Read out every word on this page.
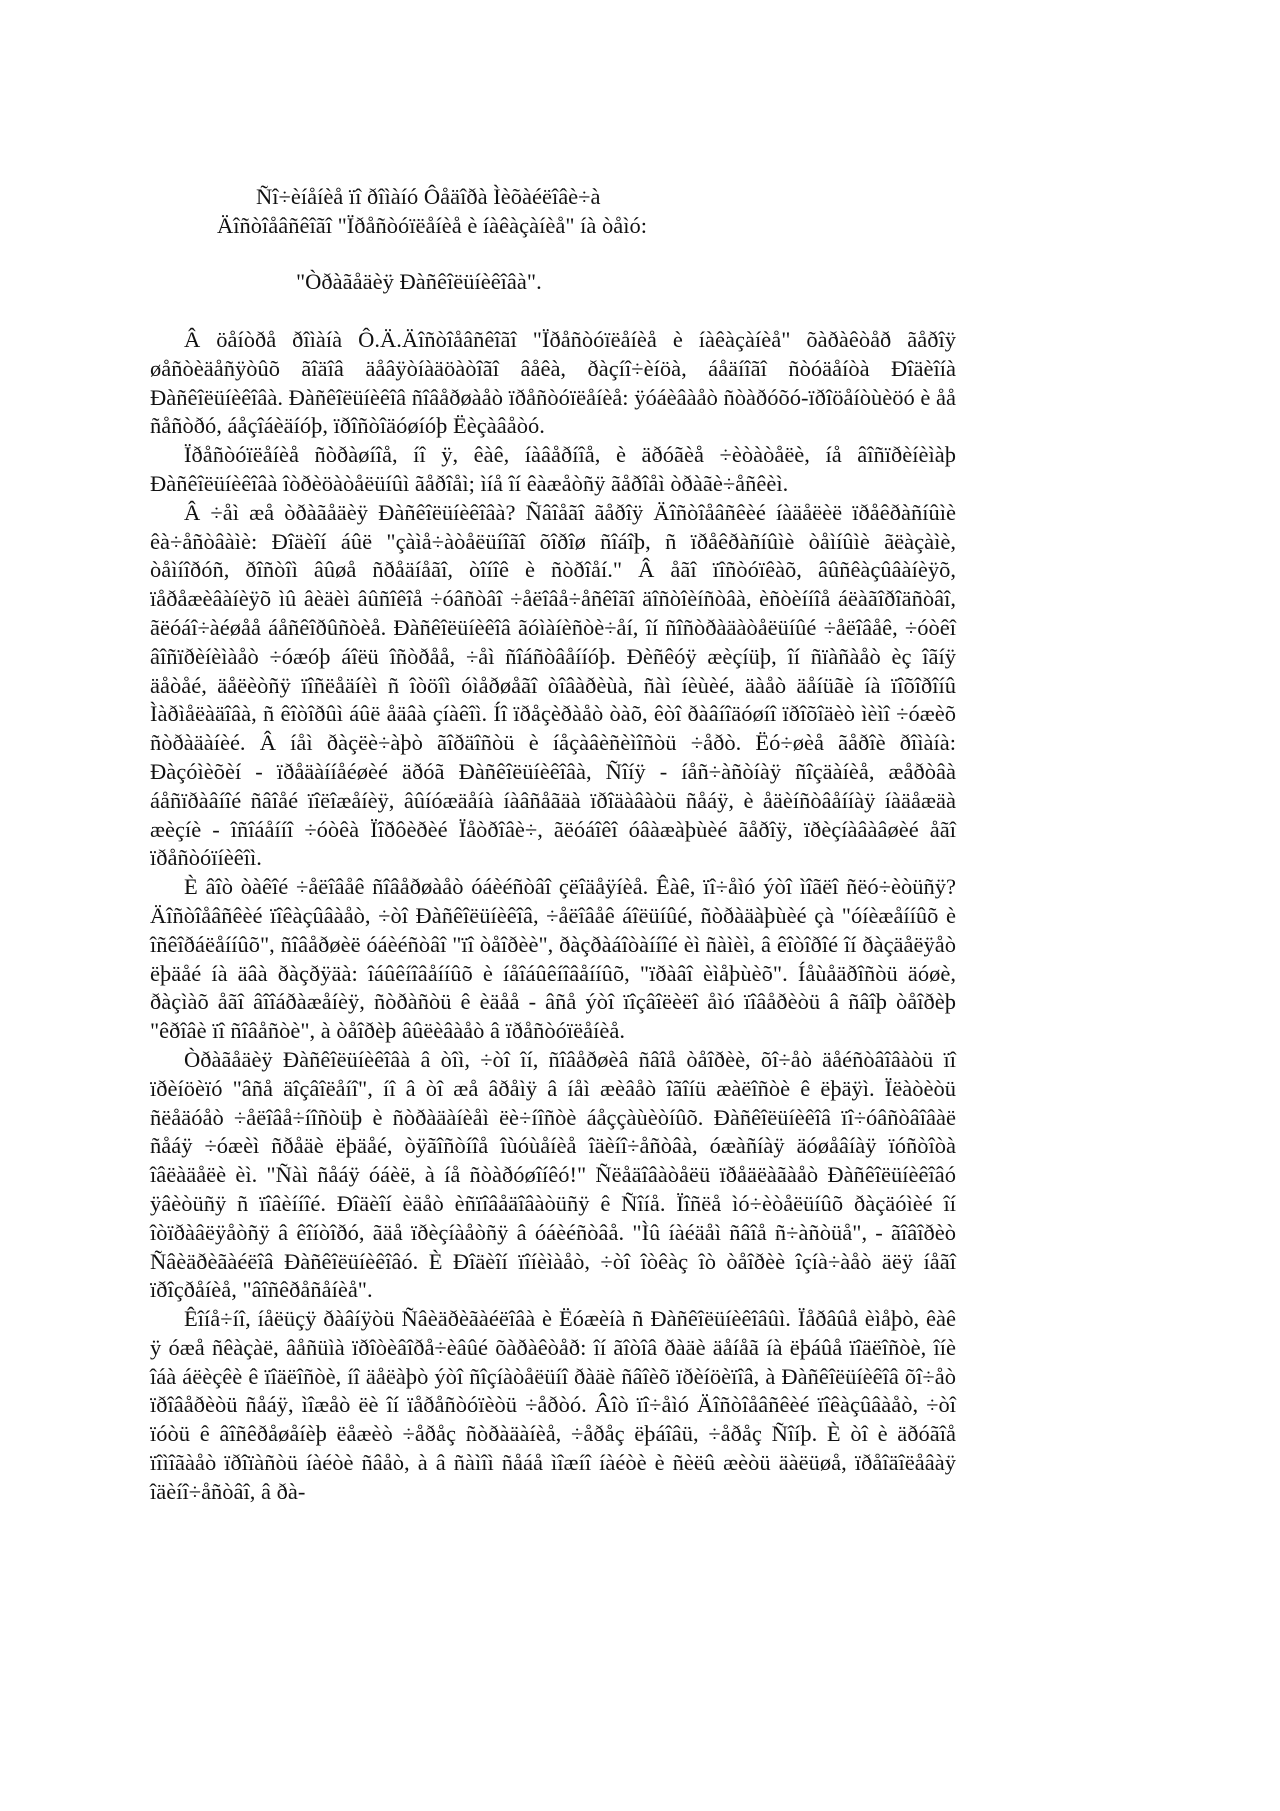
Ñî÷èíåíèå ïî ðîìàíó Ôåäîðà Ìèõàéëîâè÷à
Äîñòîåâñêîãî "Ïðåñòóïëåíèå è íàêàçàíèå" íà òåìó:
"Òðàãåäèÿ Ðàñêîëüíèêîâà".

Â öåíòðå ðîìàíà Ô.Ä.Äîñòîåâñêîãî "Ïðåñòóïëåíèå è íàêàçàíèå" õàðàêòåð ãåðîÿ øåñòèäåñÿòûõ ãîäîâ äåâÿòíàäöàòîãî âåêà, ðàçíî÷èíöà, áåäíîãî ñòóäåíòà Ðîäèîíà Ðàñêîëüíèêîâà. Ðàñêîëüíèêîâ ñîâåðøàåò ïðåñòóïëåíèå: ÿóáèâàåò ñòàðóõó-ïðîöåíòùèöó è åå ñåñòðó, áåçîáèäíóþ, ïðîñòîäóøíóþ Ëèçàâåòó.

Ïðåñòóïëåíèå ñòðàøíîå, íî ÿ, êàê, íàâåðíîå, è äðóãèå ÷èòàòåëè, íå âîñïðèíèìàþ Ðàñêîëüíèêîâà îòðèöàòåëüíûì ãåðîåì; ìíå îí êàæåòñÿ ãåðîåì òðàãè÷åñêèì.

Â ÷åì æå òðàãåäèÿ Ðàñêîëüíèêîâà? Ñâîåãî ãåðîÿ Äîñòîåâñêèé íàäåëèë ïðåêðàñíûìè êà÷åñòâàìè: Ðîäèîí áûë "çàìå÷àòåëüíîãî õîðîø ñîáîþ, ñ ïðåêðàñíûìè òåìíûìè ãëàçàìè, òåìíîðóñ, ðîñòîì âûøå ñðåäíåãî, òîíîê è ñòðîåí." Â åãî ïîñòóïêàõ, âûñêàçûâàíèÿõ, ïåðåæèâàíèÿõ ìû âèäèì âûñîêîå ÷óâñòâî ÷åëîâå÷åñêîãî äîñòîèíñòâà, èñòèííîå áëàãîðîäñòâî, ãëóáî÷àéøåå áåñêîðûñòèå. Ðàñêîëüíèêîâ ãóìàíèñòè÷åí, îí ñîñòðàäàòåëüíûé ÷åëîâåê, ÷óòêî âîñïðèíèìàåò ÷óæóþ áîëü îñòðåå, ÷åì ñîáñòâåííóþ. Ðèñêóÿ æèçíüþ, îí ñïàñàåò èç îãíÿ äåòåé, äåëèòñÿ ïîñëåäíèì ñ îòöîì óìåðøåãî òîâàðèùà, ñàì íèùèé, äàåò äåíüãè íà ïîõîðîíû Ìàðìåëàäîâà, ñ êîòîðûì áûë åäâà çíàêîì. Íî ïðåçèðàåò òàõ, êòî ðàâíîäóøíî ïðîõîäèò ìèìî ÷óæèõ ñòðàäàíèé. Â íåì ðàçëè÷àþò ãîðäîñòü è íåçàâèñèìîñòü ÷åðò. Ëó÷øèå ãåðîè ðîìàíà: Ðàçóìèõèí - ïðåäàííåéøèé äðóã Ðàñêîëüíèêîâà, Ñîíÿ - íåñ÷àñòíàÿ ñîçäàíèå, æåðòâà áåñïðàâíîé ñâîåé ïîëîæåíèÿ, âûíóæäåíà íàâñåãäà ïðîäàâàòü ñåáÿ, è åäèíñòâåííàÿ íàäåæäà æèçíè - îñîáåííî ÷óòêà Ïîðôèðèé Ïåòðîâè÷, ãëóáîêî óâàæàþùèé ãåðîÿ, ïðèçíàâàâøèé åãî ïðåñòóïíèêîì.

È âîò òàêîé ÷åëîâåê ñîâåðøàåò óáèéñòâî çëîäåÿíèå. Êàê, ïî÷åìó ýòî ìîãëî ñëó÷èòüñÿ? Äîñòîåâñêèé ïîêàçûâàåò, ÷òî Ðàñêîëüíèêîâ, ÷åëîâåê áîëüíûé, ñòðàäàþùèé çà "óíèæåííûõ è îñêîðáëåííûõ", ñîâåðøèë óáèéñòâî "ïî òåîðèè", ðàçðàáîòàííîé èì ñàìèì, â êîòîðîé îí ðàçäåëÿåò ëþäåé íà äâà ðàçðÿäà: îáûêíîâåííûõ è íåîáûêíîâåííûõ, "ïðàâî èìåþùèõ". Íåùåäðîñòü äóøè, ðàçìàõ åãî âîîáðàæåíèÿ, ñòðàñòü ê èäåå - âñå ýòî ïîçâîëèëî åìó ïîâåðèòü â ñâîþ òåîðèþ "êðîâè ïî ñîâåñòè", à òåîðèþ âûëèâàåò â ïðåñòóïëåíèå.

Òðàãåäèÿ Ðàñêîëüíèêîâà â òîì, ÷òî îí, ñîâåðøèâ ñâîå òåîðèè, õî÷åò äåéñòâîâàòü ïî ïðèíöèïó "âñå äîçâîëåíî", íî â òî æå âðåìÿ â íåì æèâåò îãîíü æàëîñòè ê ëþäÿì. Ïëàòèòü ñëåäóåò ÷åëîâå÷íîñòüþ è ñòðàäàíèåì ëè÷íîñòè áåççàùèòíûõ. Ðàñêîëüíèêîâ ïî÷óâñòâîâàë ñåáÿ ÷óæèì ñðåäè ëþäåé, òÿãîñòíîå îùóùåíèå îäèíî÷åñòâà, óæàñíàÿ äóøåâíàÿ ïóñòîòà îâëàäåëè èì. "Ñàì ñåáÿ óáèë, à íå ñòàðóøîíêó!" Ñëåäîâàòåëü ïðåäëàãàåò Ðàñêîëüíèêîâó ÿâèòüñÿ ñ ïîâèííîé. Ðîäèîí èäåò èñïîâåäîâàòüñÿ ê Ñîíå. Ïîñëå ìó÷èòåëüíûõ ðàçäóìèé îí îòïðàâëÿåòñÿ â êîíòîðó, ãäå ïðèçíàåòñÿ â óáèéñòâå. "Ìû íàéäåì ñâîå ñ÷àñòüå", - ãîâîðèò Ñâèäðèãàéëîâ Ðàñêîëüíèêîâó. È Ðîäèîí ïîíèìàåò, ÷òî îòêàç îò òåîðèè îçíà÷àåò äëÿ íåãî ïðîçðåíèå, "âîñêðåñåíèå".

Êîíå÷íî, íåëüçÿ ðàâíÿòü Ñâèäðèãàéëîâà è Ëóæèíà ñ Ðàñêîëüíèêîâûì. Ïåðâûå èìåþò, êàê ÿ óæå ñêàçàë, âåñüìà ïðîòèâîðå÷èâûé õàðàêòåð: îí ãîòîâ ðàäè äåíåã íà ëþáûå ïîäëîñòè, îíè îáà áëèçêè ê ïîäëîñòè, íî äåëàþò ýòî ñîçíàòåëüíî ðàäè ñâîèõ ïðèíöèïîâ, à Ðàñêîëüíèêîâ õî÷åò ïðîâåðèòü ñåáÿ, ìîæåò ëè îí ïåðåñòóïèòü ÷åðòó. Âîò ïî÷åìó Äîñòîåâñêèé ïîêàçûâàåò, ÷òî ïóòü ê âîñêðåøåíèþ ëåæèò ÷åðåç ñòðàäàíèå, ÷åðåç ëþáîâü, ÷åðåç Ñîíþ. È òî è äðóãîå ïîìîãàåò ïðîïàñòü íàéòè ñâåò, à â ñàìîì ñåáå ìîæíî íàéòè è ñèëû æèòü äàëüøå, ïðåîäîëåâàÿ îäèíî÷åñòâî, â ðà-
